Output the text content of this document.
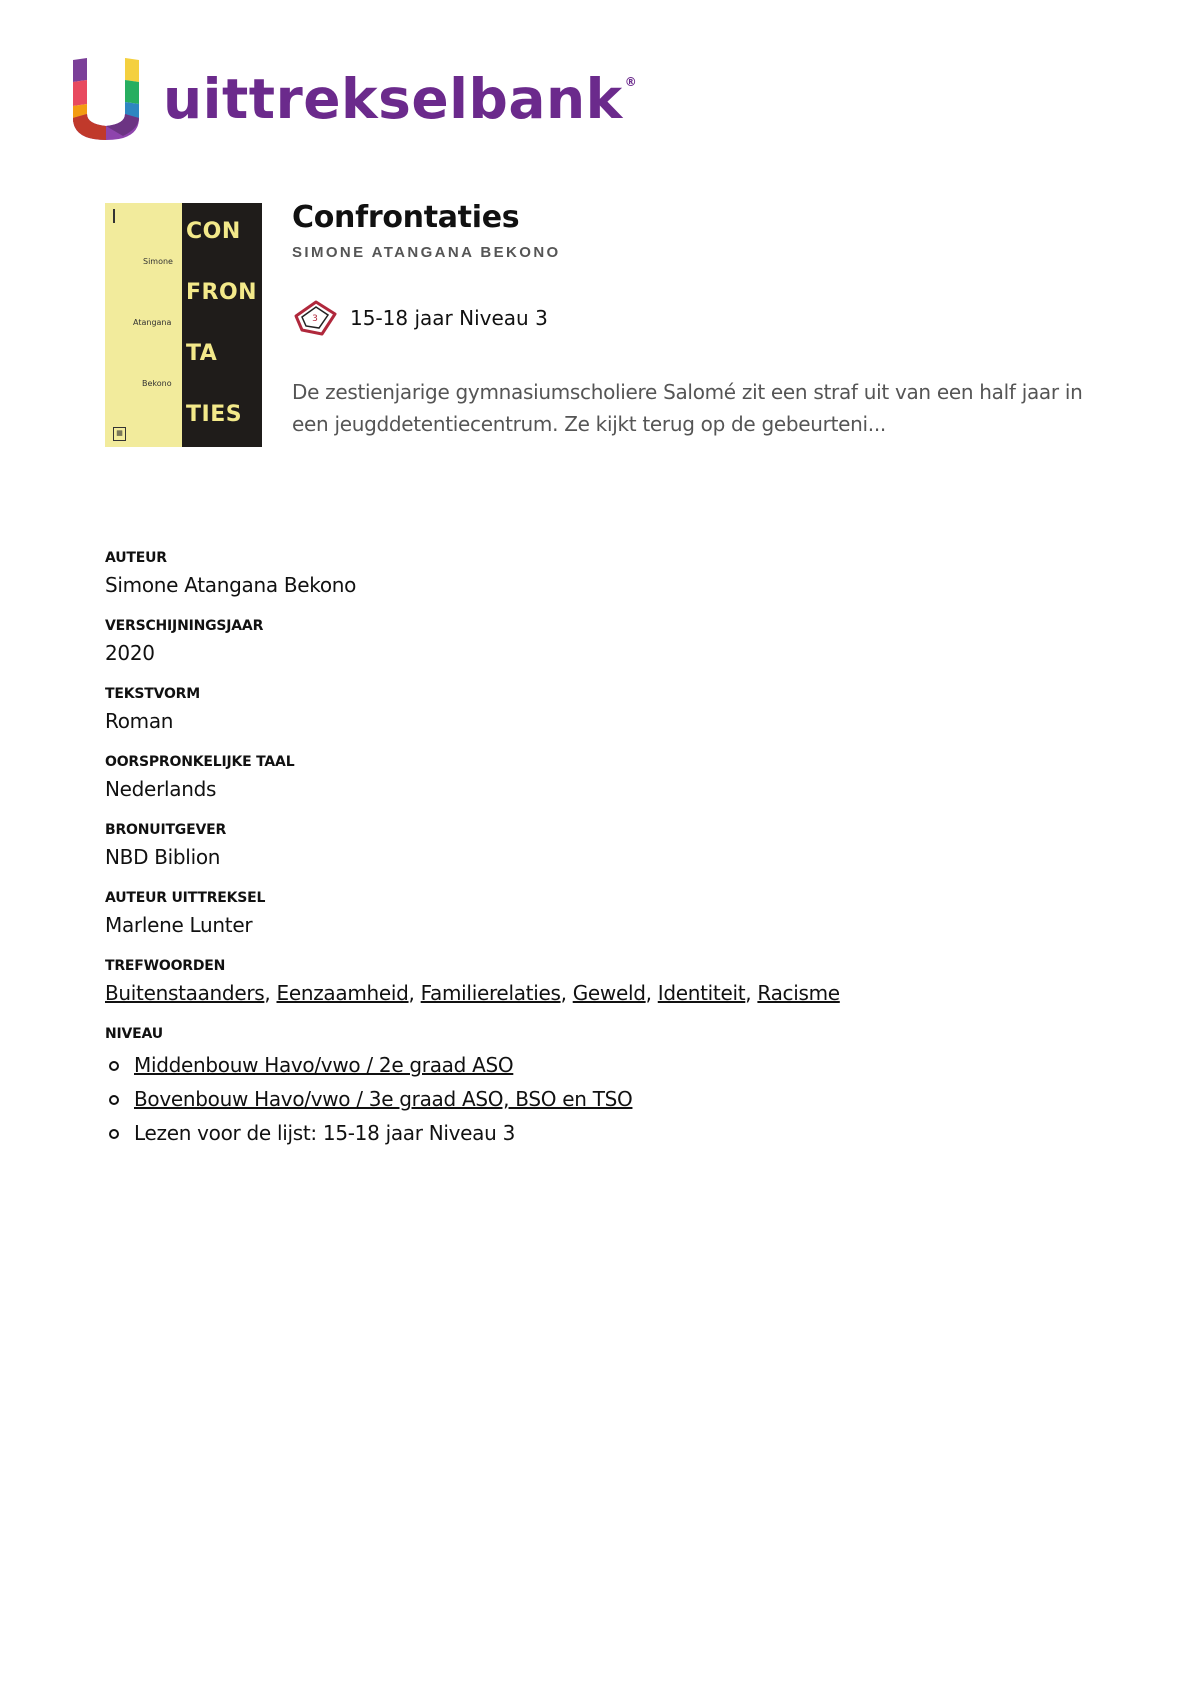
uittrekselbank ®
Simone
Atangana
Bekono
CON
FRON
TA
TIES
▦
Confrontaties
SIMONE ATANGANA BEKONO
3 15-18 jaar Niveau 3
De zestienjarige gymnasiumscholiere Salomé zit een straf uit van een half jaar in een jeugddetentiecentrum. Ze kijkt terug op de gebeurteni...
AUTEUR
Simone Atangana Bekono
VERSCHIJNINGSJAAR
2020
TEKSTVORM
Roman
OORSPRONKELIJKE TAAL
Nederlands
BRONUITGEVER
NBD Biblion
AUTEUR UITTREKSEL
Marlene Lunter
TREFWOORDEN
Buitenstaanders, Eenzaamheid, Familierelaties, Geweld, Identiteit, Racisme
NIVEAU
Middenbouw Havo/vwo / 2e graad ASO
Bovenbouw Havo/vwo / 3e graad ASO, BSO en TSO
Lezen voor de lijst: 15-18 jaar Niveau 3
